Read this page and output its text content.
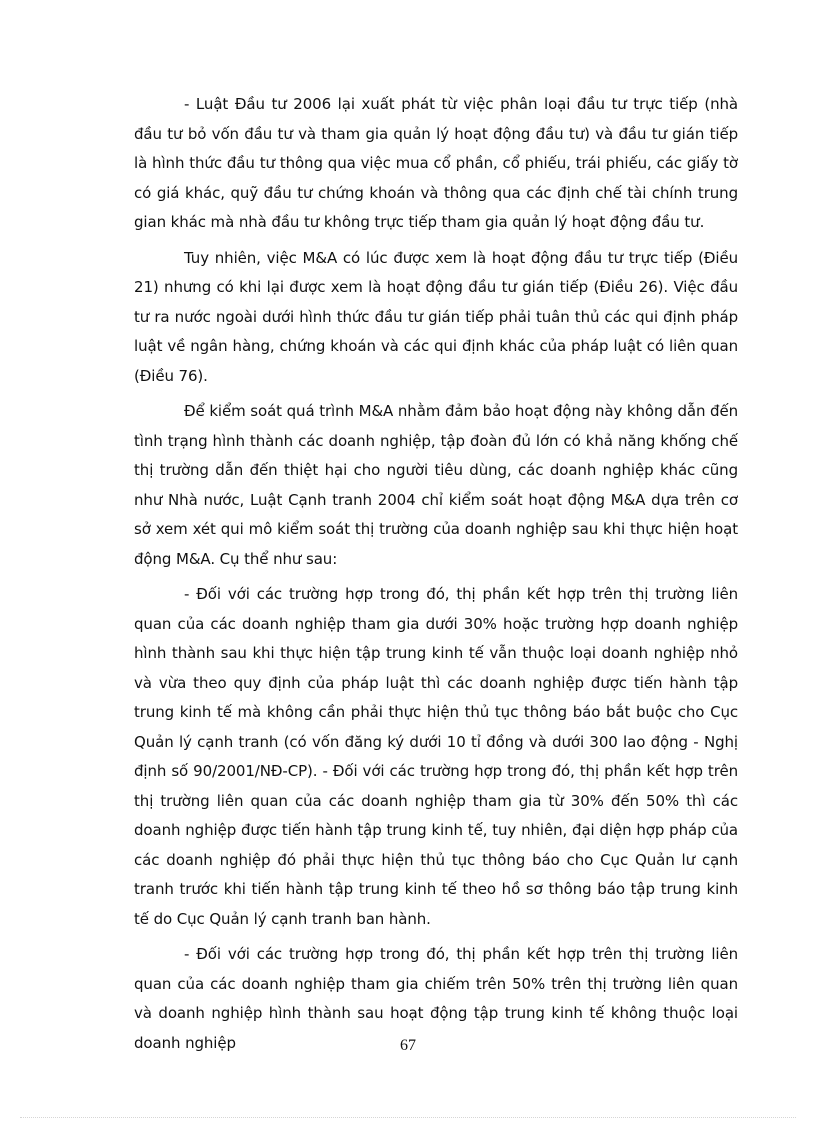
- Luật Đầu tư 2006 lại xuất phát từ việc phân loại đầu tư trực tiếp (nhà đầu tư bỏ vốn đầu tư và tham gia quản lý hoạt động đầu tư) và đầu tư gián tiếp là hình thức đầu tư thông qua việc mua cổ phần, cổ phiếu, trái phiếu, các giấy tờ có giá khác, quỹ đầu tư chứng khoán và thông qua các định chế tài chính trung gian khác mà nhà đầu tư không trực tiếp tham gia quản lý hoạt động đầu tư.

Tuy nhiên, việc M&A có lúc được xem là hoạt động đầu tư trực tiếp (Điều 21) nhưng có khi lại được xem là hoạt động đầu tư gián tiếp (Điều 26). Việc đầu tư ra nước ngoài dưới hình thức đầu tư gián tiếp phải tuân thủ các qui định pháp luật về ngân hàng, chứng khoán và các qui định khác của pháp luật có liên quan (Điều 76).

Để kiểm soát quá trình M&A nhằm đảm bảo hoạt động này không dẫn đến tình trạng hình thành các doanh nghiệp, tập đoàn đủ lớn có khả năng khống chế thị trường dẫn đến thiệt hại cho người tiêu dùng, các doanh nghiệp khác cũng như Nhà nước, Luật Cạnh tranh 2004 chỉ kiểm soát hoạt động M&A dựa trên cơ sở xem xét qui mô kiểm soát thị trường của doanh nghiệp sau khi thực hiện hoạt động M&A. Cụ thể như sau:

- Đối với các trường hợp trong đó, thị phần kết hợp trên thị trường liên quan của các doanh nghiệp tham gia dưới 30% hoặc trường hợp doanh nghiệp hình thành sau khi thực hiện tập trung kinh tế vẫn thuộc loại doanh nghiệp nhỏ và vừa theo quy định của pháp luật thì các doanh nghiệp được tiến hành tập trung kinh tế mà không cần phải thực hiện thủ tục thông báo bắt buộc cho Cục Quản lý cạnh tranh (có vốn đăng ký dưới 10 tỉ đồng và dưới 300 lao động - Nghị định số 90/2001/NĐ-CP). - Đối với các trường hợp trong đó, thị phần kết hợp trên thị trường liên quan của các doanh nghiệp tham gia từ 30% đến 50% thì các doanh nghiệp được tiến hành tập trung kinh tế, tuy nhiên, đại diện hợp pháp của các doanh nghiệp đó phải thực hiện thủ tục thông báo cho Cục Quản lư cạnh tranh trước khi tiến hành tập trung kinh tế theo hồ sơ thông báo tập trung kinh tế do Cục Quản lý cạnh tranh ban hành.

- Đối với các trường hợp trong đó, thị phần kết hợp trên thị trường liên quan của các doanh nghiệp tham gia chiếm trên 50% trên thị trường liên quan và doanh nghiệp hình thành sau hoạt động tập trung kinh tế không thuộc loại doanh nghiệp	67
